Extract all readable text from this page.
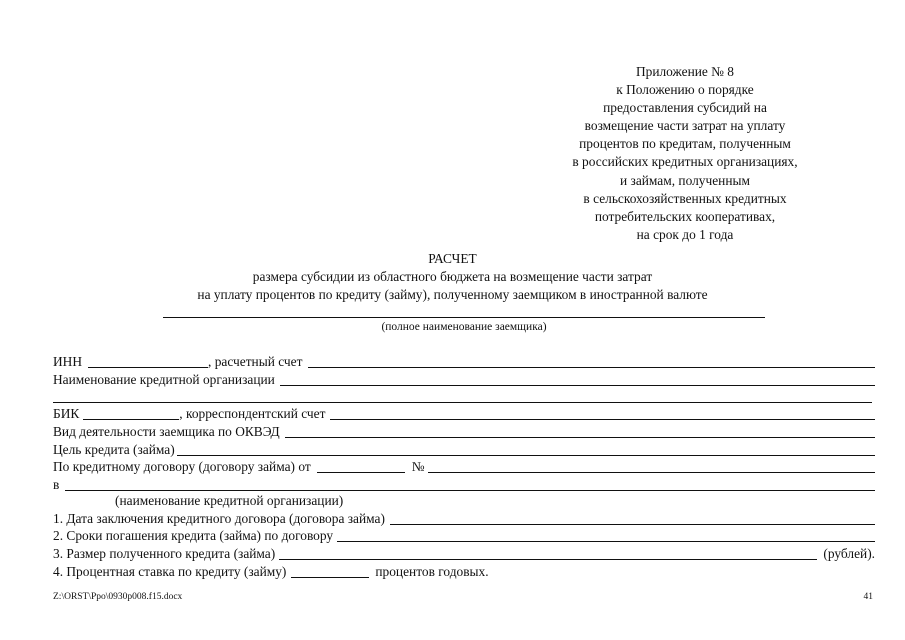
Приложение № 8
к Положению о порядке
предоставления субсидий на
возмещение части затрат на уплату
процентов по кредитам, полученным
в российских кредитных организациях,
и займам, полученным
в сельскохозяйственных кредитных
потребительских кооперативах,
на срок до 1 года
РАСЧЕТ
размера субсидии из областного бюджета на возмещение части затрат
на уплату процентов по кредиту (займу), полученному заемщиком в иностранной валюте
(полное наименование заемщика)
ИНН	, расчетный счет
Наименование кредитной организации
БИК	, корреспондентский счет
Вид деятельности заемщика по ОКВЭД
Цель кредита (займа)
По кредитному договору (договору займа) от	№
в
(наименование кредитной организации)
1. Дата заключения кредитного договора (договора займа)
2. Сроки погашения кредита (займа) по договору
3. Размер полученного кредита (займа)	(рублей).
4. Процентная ставка по кредиту (займу)	процентов годовых.
Z:\ORST\Ppo\0930p008.f15.docx	41
